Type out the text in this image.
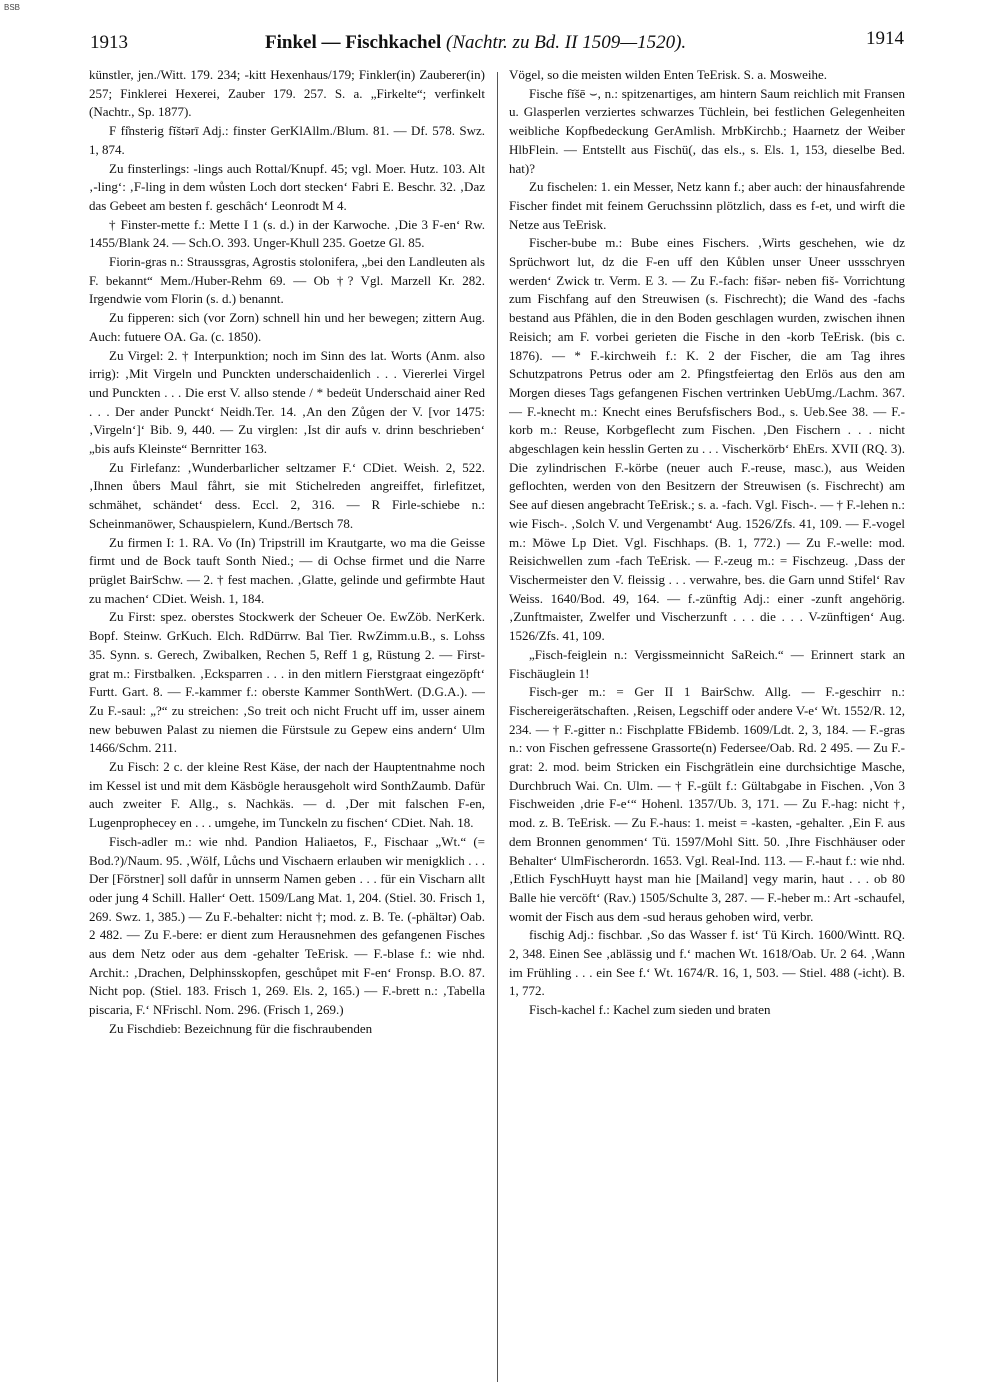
BSB
1913	Finkel — Fischkachel (Nachtr. zu Bd. II 1509—1520).	1914

künstler, jen./Witt. 179. 234; -kitt Hexenhaus/179; Finkler(in) Zauberer(in) 257; Finklerei Hexerei, Zauber 179. 257. S. a. „Firkelte“; verfinkelt (Nachtr., Sp. 1877).

F fi̊nsterig fĭštərī Adj.: finster GerKlAllm./Blum. 81. — Df. 578. Swz. 1, 874.

Zu finsterlings: -lings auch Rottal/Knupf. 45; vgl. Moer. Hutz. 103. Alt ‚-ling‘: ‚F-ling in dem wůsten Loch dort stecken‘ Fabri E. Beschr. 32. ‚Daz das Gebeet am besten f. geschâch‘ Leonrodt M 4.

† Finster-mette f.: Mette I 1 (s. d.) in der Karwoche. ‚Die 3 F-en‘ Rw. 1455/Blank 24. — Sch.O. 393. Unger-Khull 235. Goetze Gl. 85.

Fiorin-gras n.: Straussgras, Agrostis stolonifera, „bei den Landleuten als F. bekannt“ Mem./Huber-Rehm 69. — Ob †? Vgl. Marzell Kr. 282. Irgendwie vom Florin (s. d.) benannt.

Zu fipperen: sich (vor Zorn) schnell hin und her bewegen; zittern Aug. Auch: futuere OA. Ga. (c. 1850).

Zu Virgel: 2. † Interpunktion; noch im Sinn des lat. Worts (Anm. also irrig): ‚Mit Virgeln und Punckten underschaidenlich . . . Viererlei Virgel und Punckten . . . Die erst V. allso stende / * bedeüt Underschaid ainer Red . . . Der ander Punckt‘ Neidh.Ter. 14. ‚An den Zůgen der V. [vor 1475: ‚Virgeln‘]‘ Bib. 9, 440. — Zu virglen: ‚Ist dir aufs v. drinn beschrieben‘ „bis aufs Kleinste“ Bernritter 163.

Zu Firlefanz: ‚Wunderbarlicher seltzamer F.‘ CDiet. Weish. 2, 522. ‚Ihnen ůbers Maul fåhrt, sie mit Stichelreden angreiffet, firlefitzet, schmähet, schändet‘ dess. Eccl. 2, 316. — R Firle-schiebe n.: Scheinmanöwer, Schauspielern, Kund./Bertsch 78.

Zu firmen I: 1. RA. Vo (In) Tripstrill im Krautgarte, wo ma die Geisse firmt und de Bock tauft Sonth Nied.; — di Ochse firmet und die Narre prüglet BairSchw. — 2. † fest machen. ‚Glatte, gelinde und gefirmbte Haut zu machen‘ CDiet. Weish. 1, 184.

Zu First: spez. oberstes Stockwerk der Scheuer Oe. EwZöb. NerKerk. Bopf. Steinw. GrKuch. Elch. RdDürrw. Bal Tier. RwZimm.u.B., s. Lohss 35. Synn. s. Gerech, Zwibalken, Rechen 5, Reff 1 g, Rüstung 2. — First-grat m.: Firstbalken. ‚Ecksparren . . . in den mitlern Fierstgraat eingezöpft‘ Furtt. Gart. 8. — F.-kammer f.: oberste Kammer SonthWert. (D.G.A.). — Zu F.-saul: „?“ zu streichen: ‚So treit och nicht Frucht uff im, usser ainem new bebuwen Palast zu niemen die Fürstsule zu Gepew eins andern‘ Ulm 1466/Schm. 211.

Zu Fisch: 2 c. der kleine Rest Käse, der nach der Hauptentnahme noch im Kessel ist und mit dem Käsbögle herausgeholt wird SonthZaumb. Dafür auch zweiter F. Allg., s. Nachkäs. — d. ‚Der mit falschen F-en, Lugenprophecey en . . . umgehe, im Tunckeln zu fischen‘ CDiet. Nah. 18.

Fisch-adler m.: wie nhd. Pandion Haliaetos, F., Fischaar „Wt.“ (= Bod.?)/Naum. 95. ‚Wölf, Lůchs und Vischaern erlauben wir menigklich . . . Der [Förstner] soll dafůr in unnserm Namen geben . . . für ein Vischarn allt oder jung 4 Schill. Haller‘ Oett. 1509/Lang Mat. 1, 204. (Stiel. 30. Frisch 1, 269. Swz. 1, 385.) — Zu F.-behalter: nicht †; mod. z. B. Te. (-phältər) Oab. 2 482. — Zu F.-bere: er dient zum Herausnehmen des gefangenen Fisches aus dem Netz oder aus dem -gehalter TeErisk. — F.-blase f.: wie nhd. Archit.: ‚Drachen, Delphinsskopfen, geschůpet mit F-en‘ Fronsp. B.O. 87. Nicht pop. (Stiel. 183. Frisch 1, 269. Els. 2, 165.) — F.-brett n.: ‚Tabella piscaria, F.‘ NFrischl. Nom. 296. (Frisch 1, 269.)

Zu Fischdieb: Bezeichnung für die fischraubenden

Vögel, so die meisten wilden Enten TeErisk. S. a. Mosweihe.

Fische fĭšē ⌣, n.: spitzenartiges, am hintern Saum reichlich mit Fransen u. Glasperlen verziertes schwarzes Tüchlein, bei festlichen Gelegenheiten weibliche Kopfbedeckung GerAmlish. MrbKirchb.; Haarnetz der Weiber HlbFlein. — Entstellt aus Fischü(, das els., s. Els. 1, 153, dieselbe Bed. hat)?

Zu fischelen: 1. ein Messer, Netz kann f.; aber auch: der hinausfahrende Fischer findet mit feinem Geruchssinn plötzlich, dass es f-et, und wirft die Netze aus TeErisk.

Fischer-bube m.: Bube eines Fischers. ‚Wirts geschehen, wie dz Sprüchwort lut, dz die F-en uff den Kůblen unser Uneer ussschryen werden‘ Zwick tr. Verm. E 3. — Zu F.-fach: fišər- neben fiš- Vorrichtung zum Fischfang auf den Streuwisen (s. Fischrecht); die Wand des -fachs bestand aus Pfählen, die in den Boden geschlagen wurden, zwischen ihnen Reisich; am F. vorbei gerieten die Fische in den -korb TeErisk. (bis c. 1876). — * F.-kirchweih f.: K. 2 der Fischer, die am Tag ihres Schutzpatrons Petrus oder am 2. Pfingstfeiertag den Erlös aus den am Morgen dieses Tags gefangenen Fischen vertrinken UebUmg./Lachm. 367. — F.-knecht m.: Knecht eines Berufsfischers Bod., s. Ueb.See 38. — F.-korb m.: Reuse, Korbgeflecht zum Fischen. ‚Den Fischern . . . nicht abgeschlagen kein hesslin Gerten zu . . . Vischerkörb‘ EhErs. XVII (RQ. 3). Die zylindrischen F.-körbe (neuer auch F.-reuse, masc.), aus Weiden geflochten, werden von den Besitzern der Streuwisen (s. Fischrecht) am See auf diesen angebracht TeErisk.; s. a. -fach. Vgl. Fisch-. — † F.-lehen n.: wie Fisch-. ‚Solch V. und Vergenambt‘ Aug. 1526/Zfs. 41, 109. — F.-vogel m.: Möwe Lp Diet. Vgl. Fischhaps. (B. 1, 772.) — Zu F.-welle: mod. Reisichwellen zum -fach TeErisk. — F.-zeug m.: = Fischzeug. ‚Dass der Vischermeister den V. fleissig . . . verwahre, bes. die Garn unnd Stifel‘ Rav Weiss. 1640/Bod. 49, 164. — f.-zünftig Adj.: einer -zunft angehörig. ‚Zunftmaister, Zwelfer und Vischerzunft . . . die . . . V-zünftigen‘ Aug. 1526/Zfs. 41, 109.

„Fisch-feiglein n.: Vergissmeinnicht SaReich.“ — Erinnert stark an Fischäuglein 1!

Fisch-ger m.: = Ger II 1 BairSchw. Allg. — F.-geschirr n.: Fischereigerätschaften. ‚Reisen, Legschiff oder andere V-e‘ Wt. 1552/R. 12, 234. — † F.-gitter n.: Fischplatte FBidemb. 1609/Ldt. 2, 3, 184. — F.-gras n.: von Fischen gefressene Grassorte(n) Federsee/Oab. Rd. 2 495. — Zu F.-grat: 2. mod. beim Stricken ein Fischgrätlein eine durchsichtige Masche, Durchbruch Wai. Cn. Ulm. — † F.-gült f.: Gültabgabe in Fischen. ‚Von 3 Fischweiden ‚drie F-e‘“ Hohenl. 1357/Ub. 3, 171. — Zu F.-hag: nicht †, mod. z. B. TeErisk. — Zu F.-haus: 1. meist = -kasten, -gehalter. ‚Ein F. aus dem Bronnen genommen‘ Tü. 1597/Mohl Sitt. 50. ‚Ihre Fischhäuser oder Behalter‘ UlmFischerordn. 1653. Vgl. Real-Ind. 113. — F.-haut f.: wie nhd. ‚Etlich FyschHuytt hayst man hie [Mailand] vegy marin, haut . . . ob 80 Balle hie vercöft‘ (Rav.) 1505/Schulte 3, 287. — F.-heber m.: Art -schaufel, womit der Fisch aus dem -sud heraus gehoben wird, verbr.

fischig Adj.: fischbar. ‚So das Wasser f. ist‘ Tü Kirch. 1600/Wintt. RQ. 2, 348. Einen See ‚ablässig und f.‘ machen Wt. 1618/Oab. Ur. 2 64. ‚Wann im Frühling . . . ein See f.‘ Wt. 1674/R. 16, 1, 503. — Stiel. 488 (-icht). B. 1, 772.

Fisch-kachel f.: Kachel zum sieden und braten
